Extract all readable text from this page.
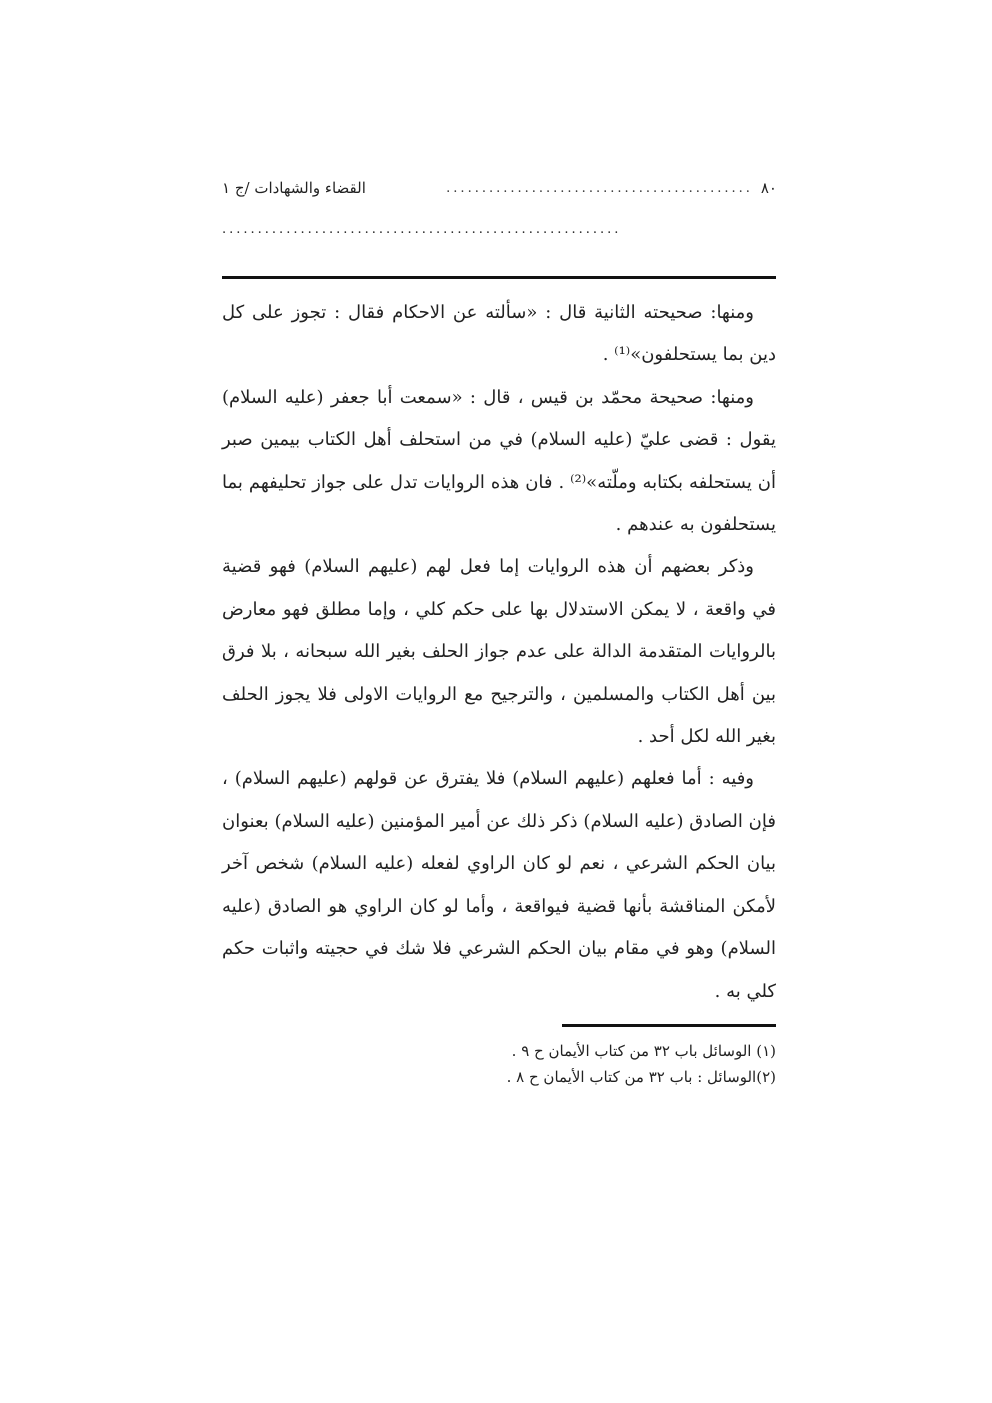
٨٠
...........................................
القضاء والشهادات /ج ١
........................................................

ومنها: صحيحته الثانية قال : «سألته عن الاحكام فقال : تجوز على كل دين بما يستحلفون»⁽¹⁾ .

ومنها: صحيحة محمّد بن قيس ، قال : «سمعت أبا جعفر (عليه السلام) يقول : قضى عليّ (عليه السلام) في من استحلف أهل الكتاب بيمين صبر أن يستحلفه بكتابه وملّته»⁽²⁾ . فان هذه الروايات تدل على جواز تحليفهم بما يستحلفون به عندهم .

وذكر بعضهم أن هذه الروايات إما فعل لهم (عليهم السلام) فهو قضية في واقعة ، لا يمكن الاستدلال بها على حكم كلي ، وإما مطلق فهو معارض بالروايات المتقدمة الدالة على عدم جواز الحلف بغير الله سبحانه ، بلا فرق بين أهل الكتاب والمسلمين ، والترجيح مع الروايات الاولى فلا يجوز الحلف بغير الله لكل أحد .

وفيه : أما فعلهم (عليهم السلام) فلا يفترق عن قولهم (عليهم السلام) ، فإن الصادق (عليه السلام) ذكر ذلك عن أمير المؤمنين (عليه السلام) بعنوان بيان الحكم الشرعي ، نعم لو كان الراوي لفعله (عليه السلام) شخص آخر لأمكن المناقشة بأنها قضية فيواقعة ، وأما لو كان الراوي هو الصادق (عليه السلام) وهو في مقام بيان الحكم الشرعي فلا شك في حجيته واثبات حكم كلي به .

(١) الوسائل باب ٣٢ من كتاب الأيمان ح ٩ .

(٢)الوسائل : باب ٣٢ من كتاب الأيمان ح ٨ .
